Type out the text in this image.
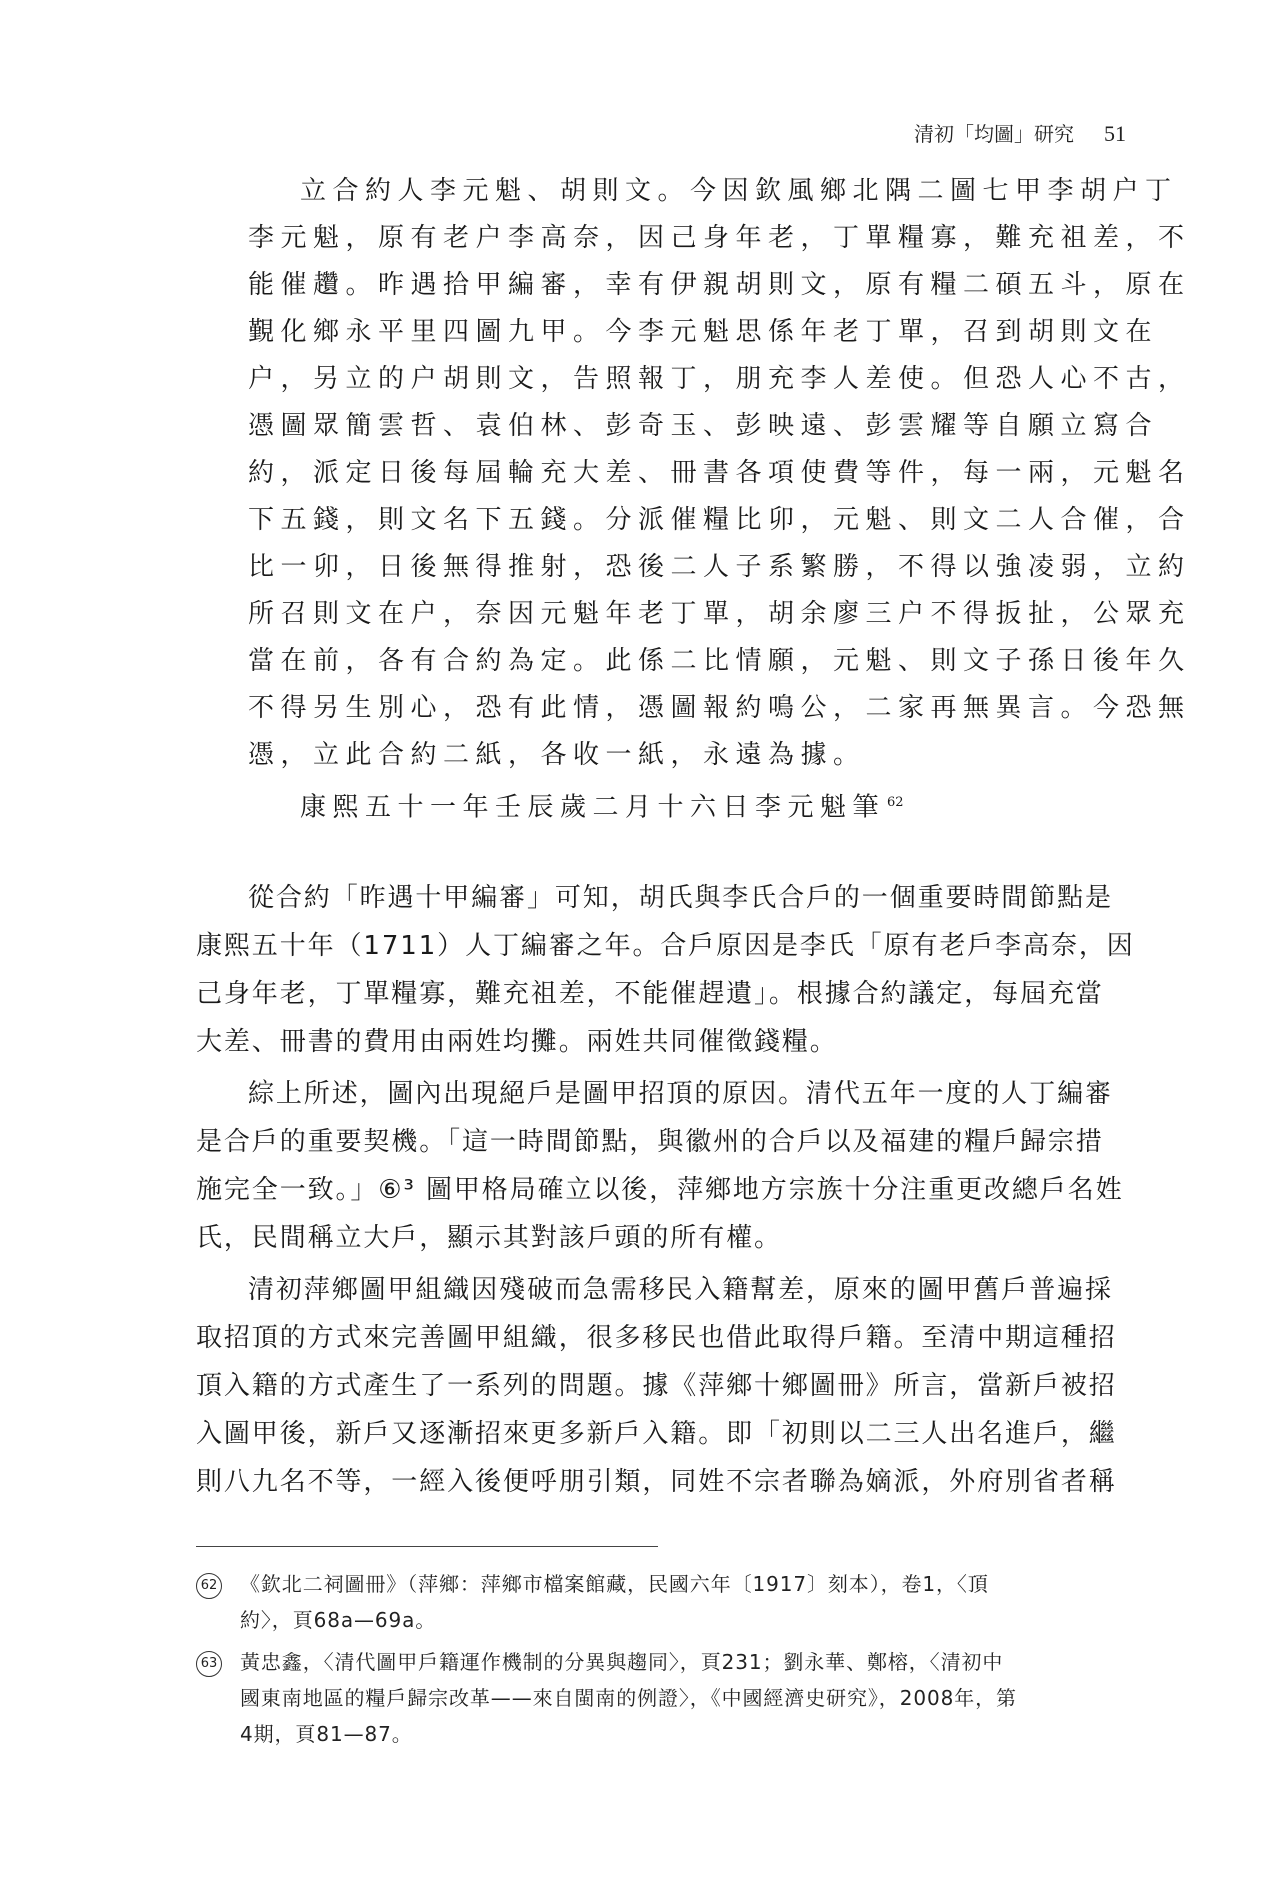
清初「均圖」研究 51
立合約人李元魁、胡則文。今因欽風鄉北隅二圖七甲李胡户丁
李元魁，原有老户李高奈，因己身年老，丁單糧寡，難充祖差，不
能催趲。昨遇拾甲編審，幸有伊親胡則文，原有糧二碩五斗，原在
覲化鄉永平里四圖九甲。今李元魁思係年老丁單，召到胡則文在
户，另立的户胡則文，告照報丁，朋充李人差使。但恐人心不古，
憑圖眾簡雲哲、袁伯林、彭奇玉、彭映遠、彭雲耀等自願立寫合
約，派定日後每屆輪充大差、冊書各項使費等件，每一兩，元魁名
下五錢，則文名下五錢。分派催糧比卯，元魁、則文二人合催，合
比一卯，日後無得推射，恐後二人子系繁勝，不得以強凌弱，立約
所召則文在户，奈因元魁年老丁單，胡余廖三户不得扳扯，公眾充
當在前，各有合約為定。此係二比情願，元魁、則文子孫日後年久
不得另生別心，恐有此情，憑圖報約鳴公，二家再無異言。今恐無
憑，立此合約二紙，各收一紙，永遠為據。
康熙五十一年壬辰歲二月十六日李元魁筆 $^{62}$
從合約「昨遇十甲編審」可知，胡氏與李氏合戶的一個重要時間節點是
康熙五十年（1711）人丁編審之年。合戶原因是李氏「原有老戶李高奈，因
己身年老，丁單糧寡，難充祖差，不能催趕遺」。根據合約議定，每屆充當
大差、冊書的費用由兩姓均攤。兩姓共同催徵錢糧。
綜上所述，圖內出現絕戶是圖甲招頂的原因。清代五年一度的人丁編審
是合戶的重要契機。「這一時間節點，與徽州的合戶以及福建的糧戶歸宗措
施完全一致。」⑥³ 圖甲格局確立以後，萍鄉地方宗族十分注重更改總戶名姓
氏，民間稱立大戶，顯示其對該戶頭的所有權。
清初萍鄉圖甲組織因殘破而急需移民入籍幫差，原來的圖甲舊戶普遍採
取招頂的方式來完善圖甲組織，很多移民也借此取得戶籍。至清中期這種招
頂入籍的方式產生了一系列的問題。據《萍鄉十鄉圖冊》所言，當新戶被招
入圖甲後，新戶又逐漸招來更多新戶入籍。即「初則以二三人出名進戶，繼
則八九名不等，一經入後便呼朋引類，同姓不宗者聯為嫡派，外府別省者稱
62 《欽北二祠圖冊》（萍鄉：萍鄉市檔案館藏，民國六年〔1917〕刻本），卷1，〈頂
約〉，頁68a—69a。
63 黃忠鑫，〈清代圖甲戶籍運作機制的分異與趨同〉，頁231；劉永華、鄭榕，〈清初中
國東南地區的糧戶歸宗改革——來自閩南的例證〉，《中國經濟史研究》，2008年，第
4期，頁81—87。
